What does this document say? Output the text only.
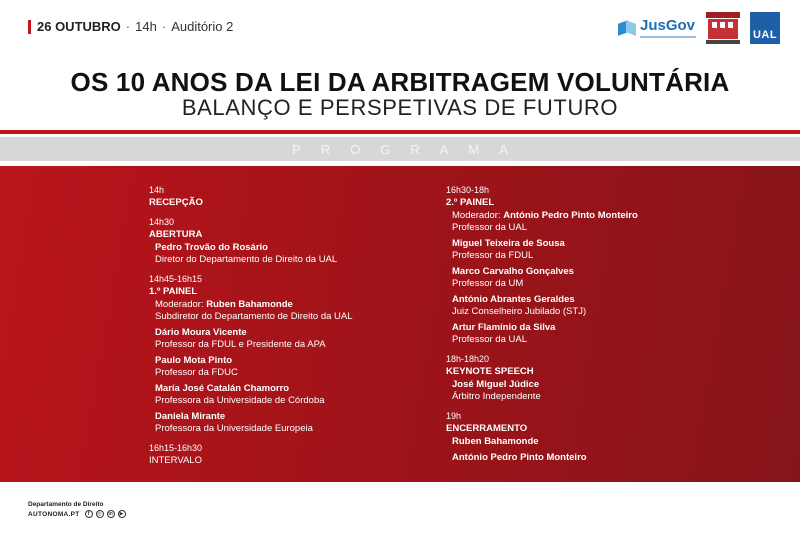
26 OUTUBRO · 14h · Auditório 2	JusGov
UAL
OS 10 ANOS DA LEI DA ARBITRAGEM VOLUNTÁRIA
BALANÇO E PERSPETIVAS DE FUTURO
PROGRAMA
14h
RECEPÇÃO
14h30
ABERTURA
Pedro Trovão do Rosário
Diretor do Departamento de Direito da UAL
14h45-16h15
1.º PAINEL
Moderador: Ruben Bahamonde
Subdiretor do Departamento de Direito da UAL
Dário Moura Vicente
Professor da FDUL e Presidente da APA
Paulo Mota Pinto
Professor da FDUC
María José Catalán Chamorro
Professora da Universidade de Córdoba
Daniela Mirante
Professora da Universidade Europeia
16h15-16h30
INTERVALO
16h30-18h
2.º PAINEL
Moderador: António Pedro Pinto Monteiro
Professor da UAL
Miguel Teixeira de Sousa
Professor da FDUL
Marco Carvalho Gonçalves
Professor da UM
António Abrantes Geraldes
Juiz Conselheiro Jubilado (STJ)
Artur Flamínio da Silva
Professor da UAL
18h-18h20
KEYNOTE SPEECH
José Miguel Júdice
Árbitro Independente
19h
ENCERRAMENTO
Ruben Bahamonde
António Pedro Pinto Monteiro
Departamento de Direito
AUTONOMA.PT	f	◎	in	▶
